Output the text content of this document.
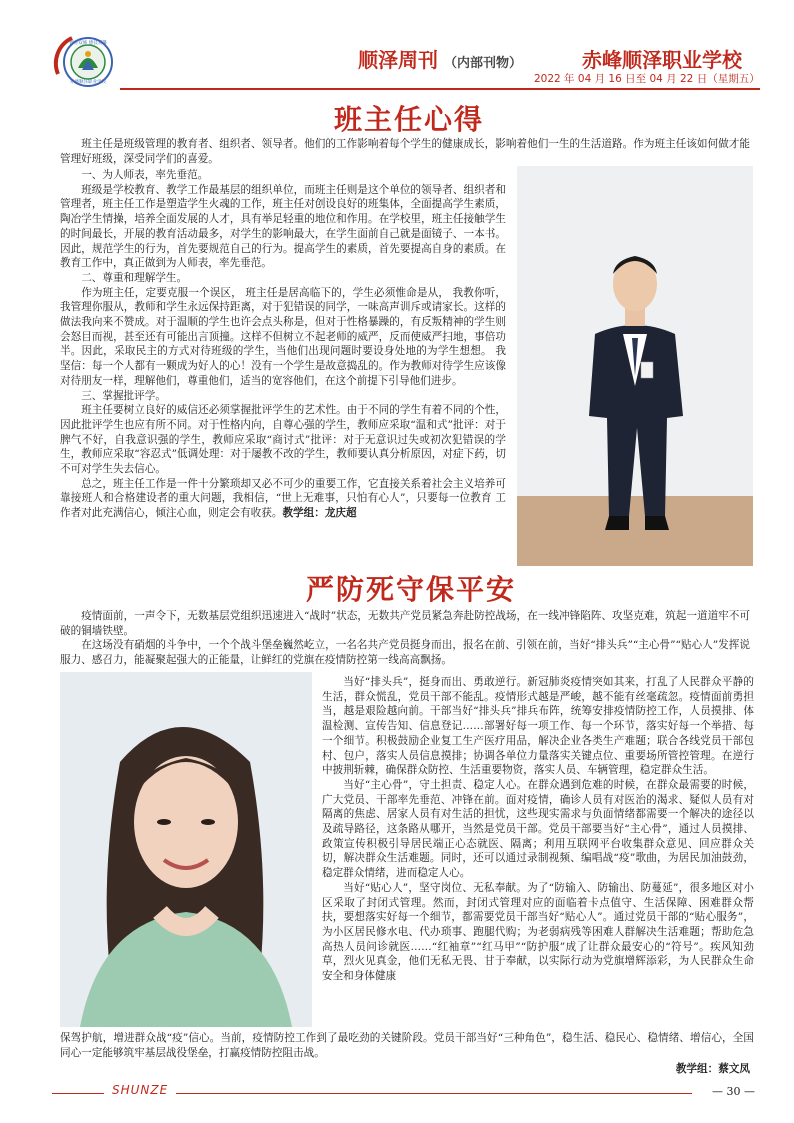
德育双修 德技双馨
赤峰顺泽职业学校
顺泽周刊 （内部刊物）	赤峰顺泽职业学校
2022 年 04 月 16 日至 04 月 22 日（星期五）
班主任心得

班主任是班级管理的教育者、组织者、领导者。他们的工作影响着每个学生的健康成长，影响着他们一生的生活道路。作为班主任该如何做才能管理好班级，深受同学们的喜爱。

一、为人师表，率先垂范。

班级是学校教育、教学工作最基层的组织单位，而班主任则是这个单位的领导者、组织者和管理者，班主任工作是塑造学生火魂的工作，班主任对创设良好的班集体，全面提高学生素质，陶冶学生情操，培养全面发展的人才，具有举足轻重的地位和作用。在学校里，班主任接触学生的时间最长，开展的教育活动最多，对学生的影响最大，在学生面前自己就是面镜子、一本书。 因此，规范学生的行为，首先要规范自己的行为。提高学生的素质，首先要提高自身的素质。在教育工作中，真正做到为人师表，率先垂范。

二、尊重和理解学生。

作为班主任，定要克服一个误区， 班主任是居高临下的，学生必须惟命是从， 我教你听，我管理你服从，教师和学生永远保持距离，对于犯错误的同学，一味高声训斥或请家长。这样的做法我向来不赞成。对于温顺的学生也许会点头称是，但对于性格暴躁的，有反叛精神的学生则会怒目而视，甚至还有可能出言顶撞。这样不但树立不起老师的威严，反而使威严扫地，事倍功半。因此，采取民主的方式对待班级的学生，当他们出现问题时要设身处地的为学生想想。 我坚信：每一个人都有一颗成为好人的心！没有一个学生是故意捣乱的。作为教师对待学生应该像对待朋友一样，理解他们，尊重他们，适当的宽容他们，在这个前提下引导他们进步。

三、掌握批评学。

班主任要树立良好的威信还必须掌握批评学生的艺术性。由于不同的学生有着不同的个性，因此批评学生也应有所不同。对于性格内向，自尊心强的学生，教师应采取“温和式”批评：对于脾气不好，自我意识强的学生，教师应采取“商讨式”批评：对于无意识过失或初次犯错误的学生，教师应采取“容忍式”低调处理：对于屡教不改的学生，教师要认真分析原因，对症下药，切不可对学生失去信心。

总之，班主任工作是一件十分繁琐却又必不可少的重要工作，它直接关系着社会主义培养可靠接班人和合格建设者的重大问题，我相信，“世上无难事，只怕有心人”，只要每一位教育 工作者对此充满信心，倾注心血，则定会有收获。教学组：龙庆超

严防死守保平安

疫情面前，一声令下，无数基层党组织迅速进入“战时”状态，无数共产党员紧急奔赴防控战场，在一线冲锋陷阵、攻坚克难，筑起一道道牢不可破的铜墙铁壁。

在这场没有硝烟的斗争中，一个个战斗堡垒巍然屹立，一名名共产党员挺身而出，报名在前、引领在前，当好“排头兵”“主心骨”“贴心人”发挥说服力、感召力，能凝聚起强大的正能量，让鲜红的党旗在疫情防控第一线高高飘扬。

当好“排头兵”，挺身而出、勇敢逆行。新冠肺炎疫情突如其来，打乱了人民群众平静的生活，群众慌乱，党员干部不能乱。疫情形式越是严峻，越不能有丝毫疏忽。疫情面前勇担当，越是艰险越向前。干部当好“排头兵”排兵布阵，统筹安排疫情防控工作，人员摸排、体温检测、宣传告知、信息登记……部署好每一项工作、每一个环节，落实好每一个举措、每一个细节。积极鼓励企业复工生产医疗用品，解决企业各类生产难题；联合各线党员干部包村、包户，落实人员信息摸排；协调各单位力量落实关键点位、重要场所管控管理。在逆行中披荆斩棘，确保群众防控、生活重要物资，落实人员、车辆管理，稳定群众生活。

当好“主心骨”，守土担责、稳定人心。在群众遇到危难的时候，在群众最需要的时候，广大党员、干部率先垂范、冲锋在前。面对疫情，确诊人员有对医治的渴求、疑似人员有对隔离的焦虑、居家人员有对生活的担忧，这些现实需求与负面情绪都需要一个解决的途径以及疏导路径，这条路从哪开，当然是党员干部。党员干部要当好“主心骨”，通过人员摸排、政策宣传积极引导居民端正心态就医、隔离；利用互联网平台收集群众意见、回应群众关切，解决群众生活难题。同时，还可以通过录制视频、编唱战“疫”歌曲，为居民加油鼓劲，稳定群众情绪，进而稳定人心。

当好“贴心人”，坚守岗位、无私奉献。为了“防输入、防输出、防蔓延”，很多地区对小区采取了封闭式管理。然而，封闭式管理对应的面临着卡点值守、生活保障、困难群众帮扶，要想落实好每一个细节，都需要党员干部当好“贴心人”。通过党员干部的“贴心服务”，为小区居民修水电、代办琐事、跑腿代购；为老弱病残等困难人群解决生活难题；帮助危急高热人员问诊就医……“红袖章”“红马甲”“防护服”成了让群众最安心的“符号”。疾风知劲草，烈火见真金，他们无私无畏、甘于奉献，以实际行动为党旗增辉添彩，为人民群众生命安全和身体健康

保驾护航，增进群众战“疫”信心。当前，疫情防控工作到了最吃劲的关键阶段。党员干部当好“三种角色”，稳生活、稳民心、稳情绪、增信心，全国同心一定能够筑牢基层战役堡垒，打赢疫情防控阻击战。

教学组：蔡文凤
SHUNZE	— 30 —
